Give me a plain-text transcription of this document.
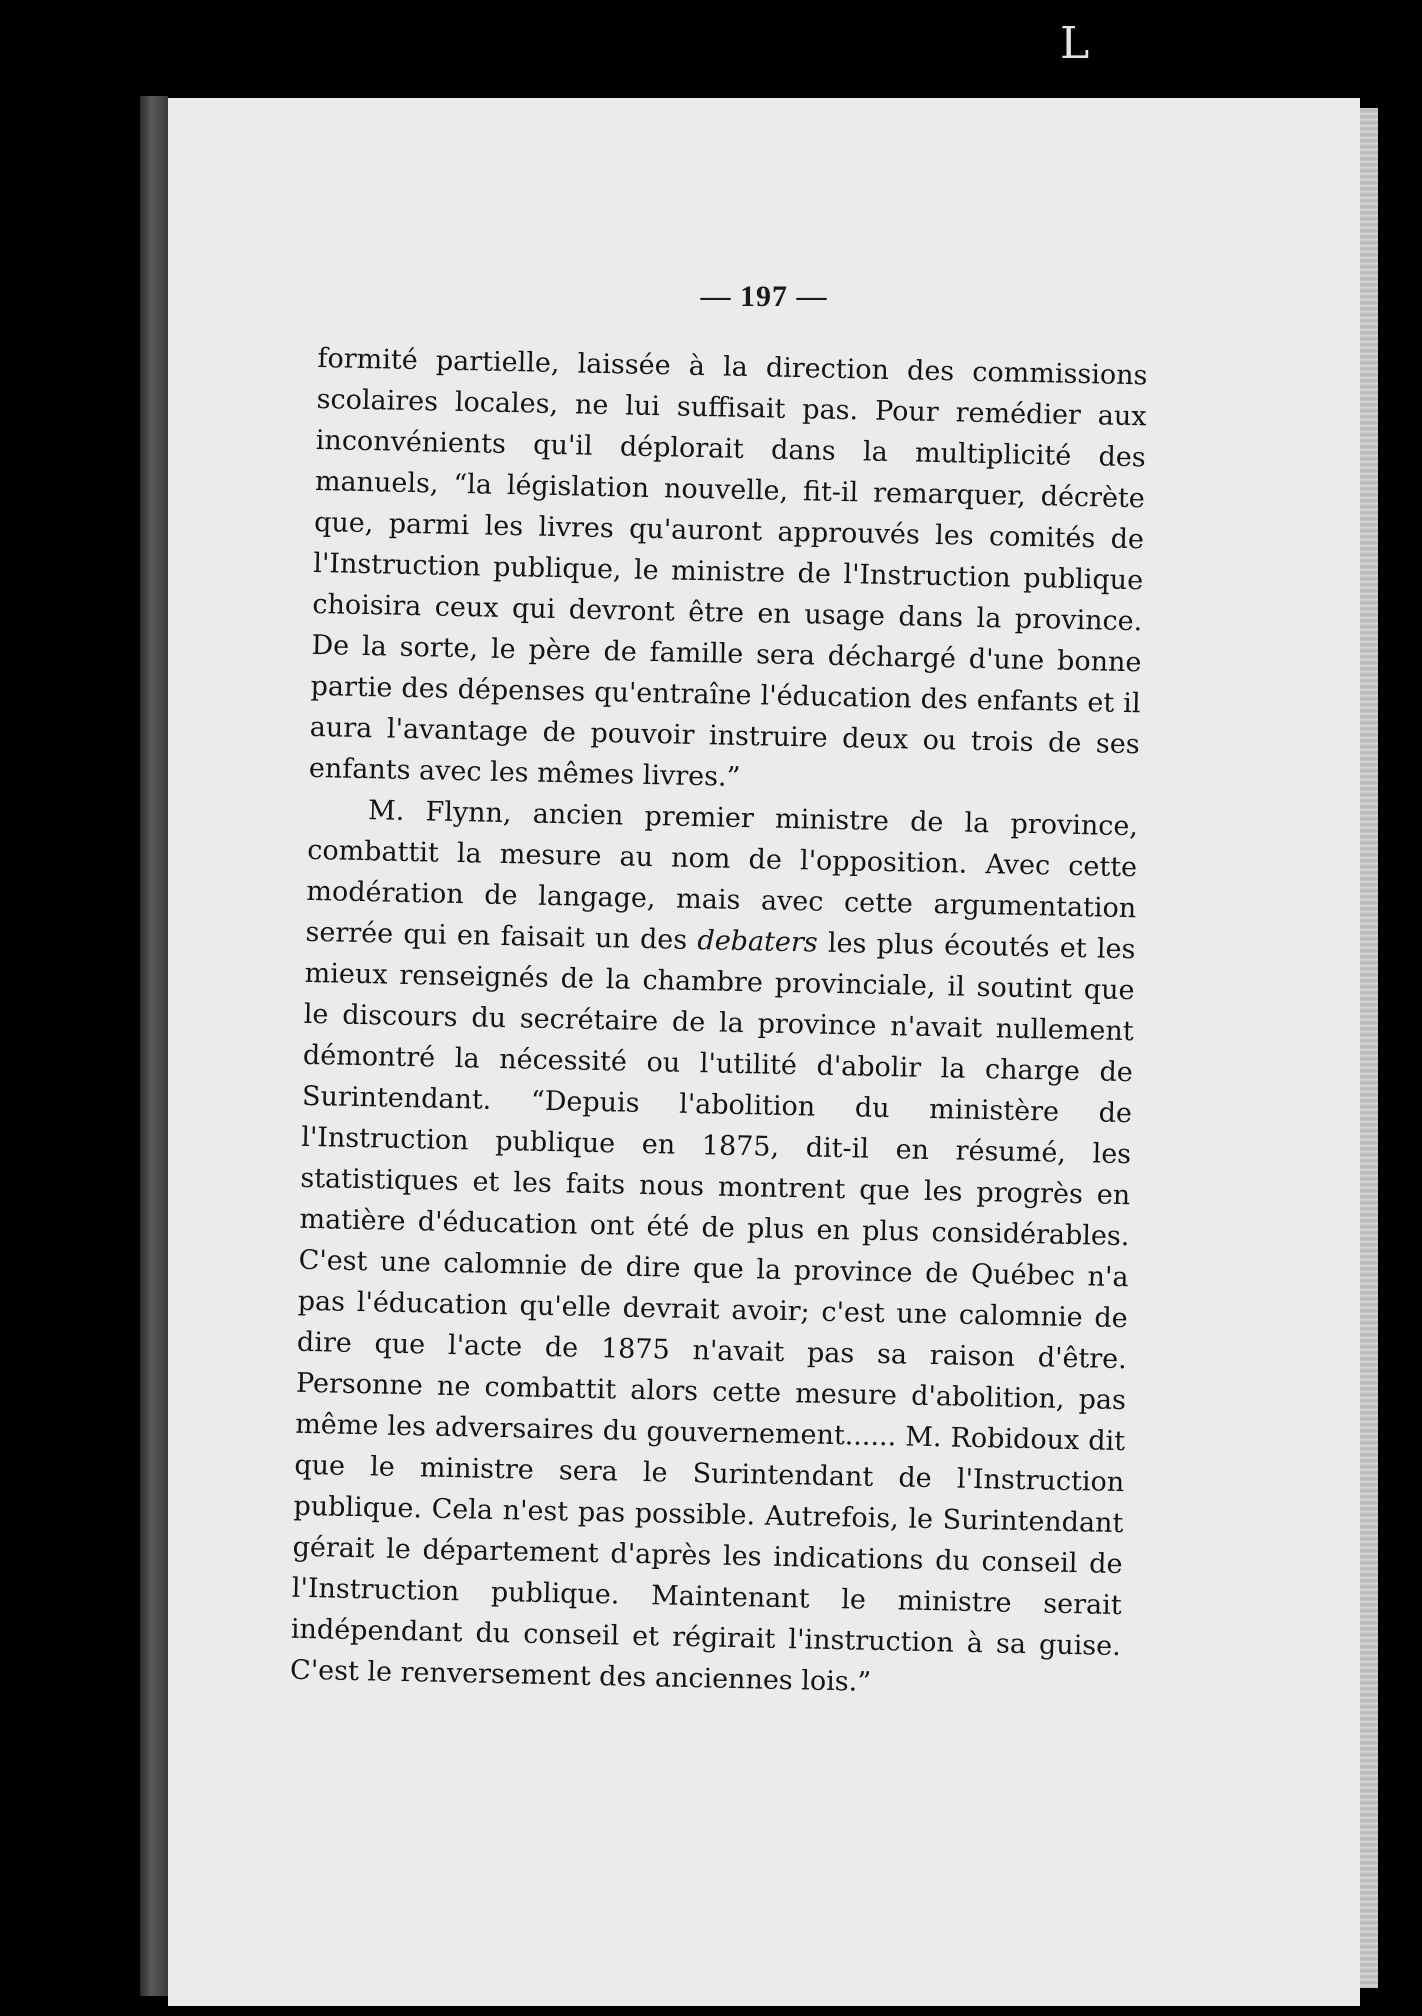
L
— 197 —

formité partielle, laissée à la direction des commissions scolaires locales, ne lui suffisait pas. Pour remédier aux inconvénients qu'il déplorait dans la multiplicité des manuels, “la législation nouvelle, fit-il remarquer, décrète que, parmi les livres qu'auront approuvés les comités de l'Instruction publique, le ministre de l'Instruction publique choisira ceux qui devront être en usage dans la province. De la sorte, le père de famille sera déchargé d'une bonne partie des dépenses qu'entraîne l'éducation des enfants et il aura l'avantage de pouvoir instruire deux ou trois de ses enfants avec les mêmes livres.”

M. Flynn, ancien premier ministre de la province, combattit la mesure au nom de l'opposition. Avec cette modération de langage, mais avec cette argumentation serrée qui en faisait un des debaters les plus écoutés et les mieux renseignés de la chambre provinciale, il soutint que le discours du secrétaire de la province n'avait nullement démontré la nécessité ou l'utilité d'abolir la charge de Surintendant. “Depuis l'abolition du ministère de l'Instruction publique en 1875, dit-il en résumé, les statistiques et les faits nous montrent que les progrès en matière d'éducation ont été de plus en plus considérables. C'est une calomnie de dire que la province de Québec n'a pas l'éducation qu'elle devrait avoir; c'est une calomnie de dire que l'acte de 1875 n'avait pas sa raison d'être. Personne ne combattit alors cette mesure d'abolition, pas même les adversaires du gouvernement...... M. Robidoux dit que le ministre sera le Surintendant de l'Instruction publique. Cela n'est pas possible. Autrefois, le Surintendant gérait le département d'après les indications du conseil de l'Instruction publique. Maintenant le ministre serait indépendant du conseil et régirait l'instruction à sa guise. C'est le renversement des anciennes lois.”
